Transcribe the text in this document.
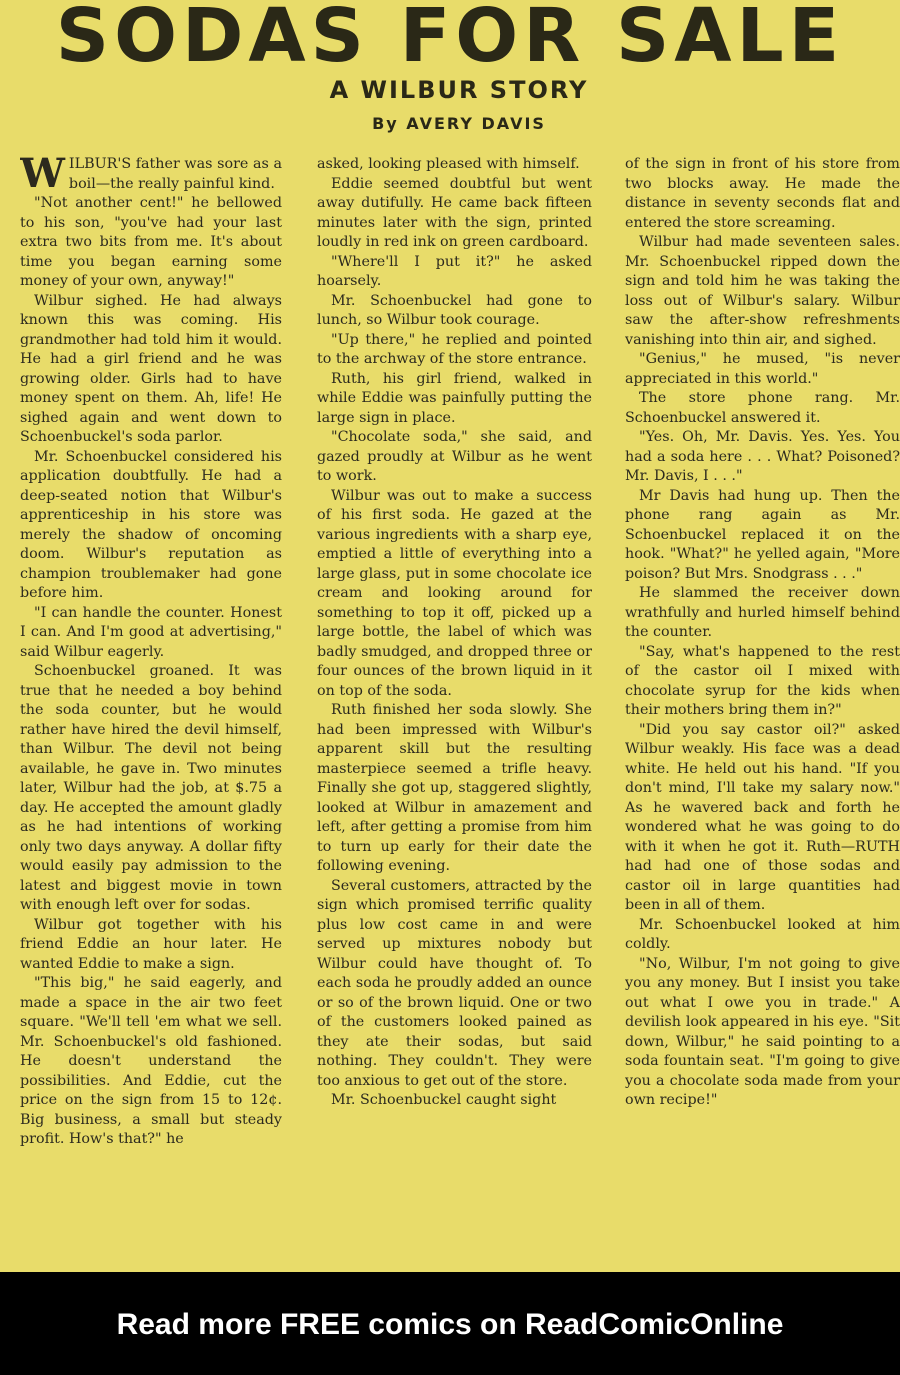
SODAS FOR SALE
A WILBUR STORY
By AVERY DAVIS

WILBUR'S father was sore as a boil—the really painful kind.

"Not another cent!" he bellowed to his son, "you've had your last extra two bits from me. It's about time you began earning some money of your own, anyway!"

Wilbur sighed. He had always known this was coming. His grandmother had told him it would. He had a girl friend and he was growing older. Girls had to have money spent on them. Ah, life! He sighed again and went down to Schoenbuckel's soda parlor.

Mr. Schoenbuckel considered his application doubtfully. He had a deep-seated notion that Wilbur's apprenticeship in his store was merely the shadow of oncoming doom. Wilbur's reputation as champion troublemaker had gone before him.

"I can handle the counter. Honest I can. And I'm good at advertising," said Wilbur eagerly.

Schoenbuckel groaned. It was true that he needed a boy behind the soda counter, but he would rather have hired the devil himself, than Wilbur. The devil not being available, he gave in. Two minutes later, Wilbur had the job, at $.75 a day. He accepted the amount gladly as he had intentions of working only two days anyway. A dollar fifty would easily pay admission to the latest and biggest movie in town with enough left over for sodas.

Wilbur got together with his friend Eddie an hour later. He wanted Eddie to make a sign.

"This big," he said eagerly, and made a space in the air two feet square. "We'll tell 'em what we sell. Mr. Schoenbuckel's old fashioned. He doesn't understand the possibilities. And Eddie, cut the price on the sign from 15 to 12¢. Big business, a small but steady profit. How's that?" he

asked, looking pleased with himself.

Eddie seemed doubtful but went away dutifully. He came back fifteen minutes later with the sign, printed loudly in red ink on green cardboard.

"Where'll I put it?" he asked hoarsely.

Mr. Schoenbuckel had gone to lunch, so Wilbur took courage.

"Up there," he replied and pointed to the archway of the store entrance.

Ruth, his girl friend, walked in while Eddie was painfully putting the large sign in place.

"Chocolate soda," she said, and gazed proudly at Wilbur as he went to work.

Wilbur was out to make a success of his first soda. He gazed at the various ingredients with a sharp eye, emptied a little of everything into a large glass, put in some chocolate ice cream and looking around for something to top it off, picked up a large bottle, the label of which was badly smudged, and dropped three or four ounces of the brown liquid in it on top of the soda.

Ruth finished her soda slowly. She had been impressed with Wilbur's apparent skill but the resulting masterpiece seemed a trifle heavy. Finally she got up, staggered slightly, looked at Wilbur in amazement and left, after getting a promise from him to turn up early for their date the following evening.

Several customers, attracted by the sign which promised terrific quality plus low cost came in and were served up mixtures nobody but Wilbur could have thought of. To each soda he proudly added an ounce or so of the brown liquid. One or two of the customers looked pained as they ate their sodas, but said nothing. They couldn't. They were too anxious to get out of the store.

Mr. Schoenbuckel caught sight

of the sign in front of his store from two blocks away. He made the distance in seventy seconds flat and entered the store screaming.

Wilbur had made seventeen sales. Mr. Schoenbuckel ripped down the sign and told him he was taking the loss out of Wilbur's salary. Wilbur saw the after-show refreshments vanishing into thin air, and sighed.

"Genius," he mused, "is never appreciated in this world."

The store phone rang. Mr. Schoenbuckel answered it.

"Yes. Oh, Mr. Davis. Yes. Yes. You had a soda here . . . What? Poisoned? Mr. Davis, I . . ."

Mr Davis had hung up. Then the phone rang again as Mr. Schoenbuckel replaced it on the hook. "What?" he yelled again, "More poison? But Mrs. Snodgrass . . ."

He slammed the receiver down wrathfully and hurled himself behind the counter.

"Say, what's happened to the rest of the castor oil I mixed with chocolate syrup for the kids when their mothers bring them in?"

"Did you say castor oil?" asked Wilbur weakly. His face was a dead white. He held out his hand. "If you don't mind, I'll take my salary now." As he wavered back and forth he wondered what he was going to do with it when he got it. Ruth—RUTH had had one of those sodas and castor oil in large quantities had been in all of them.

Mr. Schoenbuckel looked at him coldly.

"No, Wilbur, I'm not going to give you any money. But I insist you take out what I owe you in trade." A devilish look appeared in his eye. "Sit down, Wilbur," he said pointing to a soda fountain seat. "I'm going to give you a chocolate soda made from your own recipe!"

Read more FREE comics on ReadComicOnline
